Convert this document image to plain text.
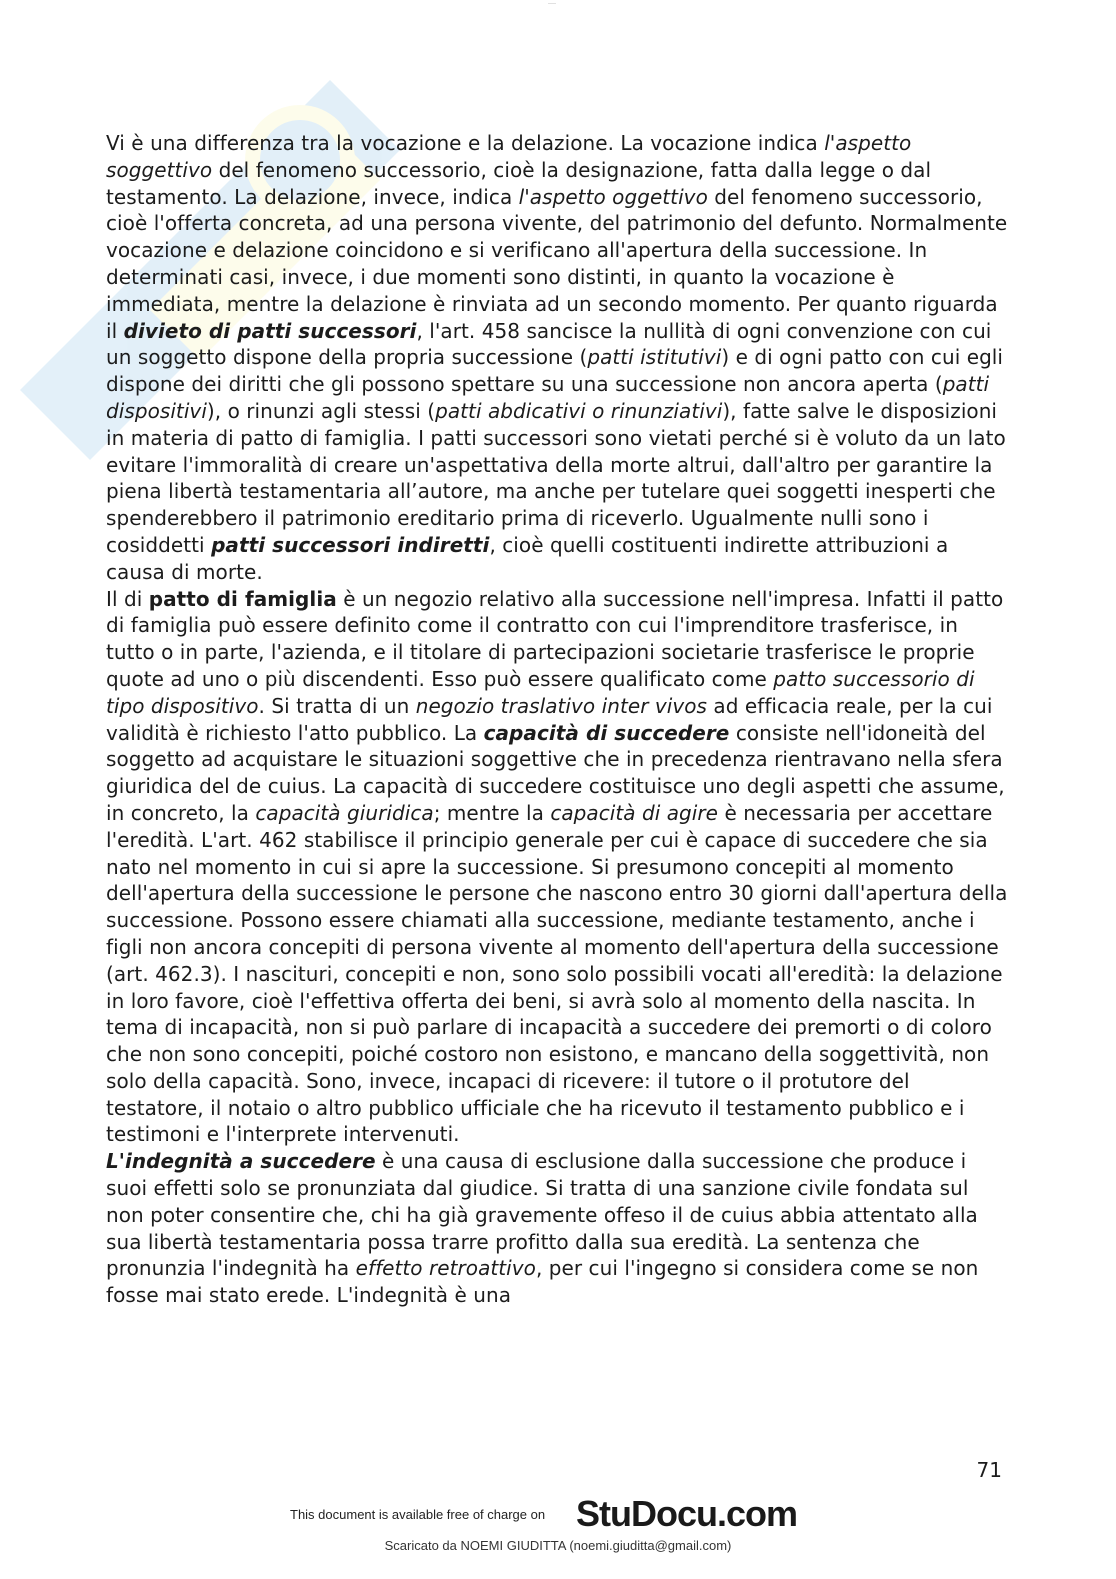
——

Vi è una differenza tra la vocazione e la delazione. La vocazione indica l'aspetto soggettivo del fenomeno successorio, cioè la designazione, fatta dalla legge o dal testamento. La delazione, invece, indica l'aspetto oggettivo del fenomeno successorio, cioè l'offerta concreta, ad una persona vivente, del patrimonio del defunto. Normalmente vocazione e delazione coincidono e si verificano all'apertura della successione. In determinati casi, invece, i due momenti sono distinti, in quanto la vocazione è immediata, mentre la delazione è rinviata ad un secondo momento. Per quanto riguarda il divieto di patti successori, l'art. 458 sancisce la nullità di ogni convenzione con cui un soggetto dispone della propria successione (patti istitutivi) e di ogni patto con cui egli dispone dei diritti che gli possono spettare su una successione non ancora aperta (patti dispositivi), o rinunzi agli stessi (patti abdicativi o rinunziativi), fatte salve le disposizioni in materia di patto di famiglia. I patti successori sono vietati perché si è voluto da un lato evitare l'immoralità di creare un'aspettativa della morte altrui, dall'altro per garantire la piena libertà testamentaria all’autore, ma anche per tutelare quei soggetti inesperti che spenderebbero il patrimonio ereditario prima di riceverlo. Ugualmente nulli sono i cosiddetti patti successori indiretti, cioè quelli costituenti indirette attribuzioni a causa di morte.

Il di patto di famiglia è un negozio relativo alla successione nell'impresa. Infatti il patto di famiglia può essere definito come il contratto con cui l'imprenditore trasferisce, in tutto o in parte, l'azienda, e il titolare di partecipazioni societarie trasferisce le proprie quote ad uno o più discendenti. Esso può essere qualificato come patto successorio di tipo dispositivo. Si tratta di un negozio traslativo inter vivos ad efficacia reale, per la cui validità è richiesto l'atto pubblico. La capacità di succedere consiste nell'idoneità del soggetto ad acquistare le situazioni soggettive che in precedenza rientravano nella sfera giuridica del de cuius. La capacità di succedere costituisce uno degli aspetti che assume, in concreto, la capacità giuridica; mentre la capacità di agire è necessaria per accettare l'eredità. L'art. 462 stabilisce il principio generale per cui è capace di succedere che sia nato nel momento in cui si apre la successione. Si presumono concepiti al momento dell'apertura della successione le persone che nascono entro 30 giorni dall'apertura della successione. Possono essere chiamati alla successione, mediante testamento, anche i figli non ancora concepiti di persona vivente al momento dell'apertura della successione (art. 462.3). I nascituri, concepiti e non, sono solo possibili vocati all'eredità: la delazione in loro favore, cioè l'effettiva offerta dei beni, si avrà solo al momento della nascita. In tema di incapacità, non si può parlare di incapacità a succedere dei premorti o di coloro che non sono concepiti, poiché costoro non esistono, e mancano della soggettività, non solo della capacità. Sono, invece, incapaci di ricevere: il tutore o il protutore del testatore, il notaio o altro pubblico ufficiale che ha ricevuto il testamento pubblico e i testimoni e l'interprete intervenuti.

L'indegnità a succedere è una causa di esclusione dalla successione che produce i suoi effetti solo se pronunziata dal giudice. Si tratta di una sanzione civile fondata sul non poter consentire che, chi ha già gravemente offeso il de cuius abbia attentato alla sua libertà testamentaria possa trarre profitto dalla sua eredità. La sentenza che pronunzia l'indegnità ha effetto retroattivo, per cui l'ingegno si considera come se non fosse mai stato erede. L'indegnità è una

71
This document is available free of charge on StuDocu.com
Scaricato da NOEMI GIUDITTA (noemi.giuditta@gmail.com)
